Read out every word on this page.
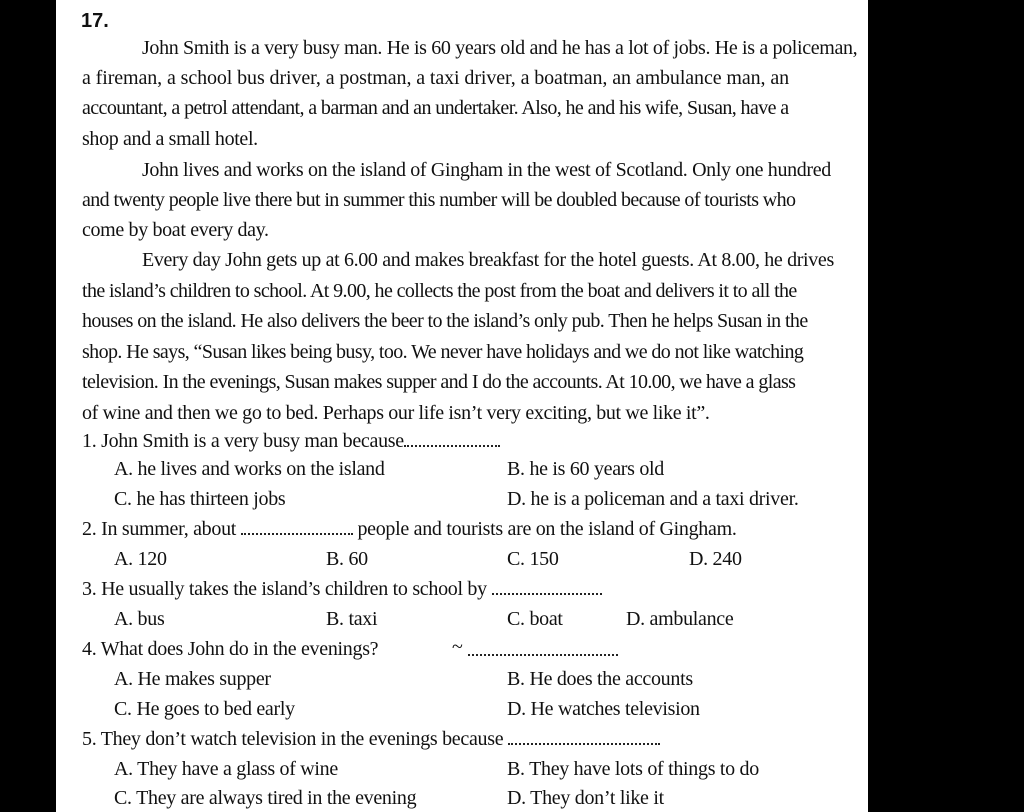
17.
John Smith is a very busy man. He is 60 years old and he has a lot of jobs. He is a policeman,
a fireman, a school bus driver, a postman, a taxi driver, a boatman, an ambulance man, an
accountant, a petrol attendant, a barman and an undertaker. Also, he and his wife, Susan, have a
shop and a small hotel.
John lives and works on the island of Gingham in the west of Scotland. Only one hundred
and twenty people live there but in summer this number will be doubled because of tourists who
come by boat every day.
Every day John gets up at 6.00 and makes breakfast for the hotel guests. At 8.00, he drives
the island’s children to school. At 9.00, he collects the post from the boat and delivers it to all the
houses on the island. He also delivers the beer to the island’s only pub. Then he helps Susan in the
shop. He says, “Susan likes being busy, too. We never have holidays and we do not like watching
television. In the evenings, Susan makes supper and I do the accounts. At 10.00, we have a glass
of wine and then we go to bed. Perhaps our life isn’t very exciting, but we like it”.
1. John Smith is a very busy man because
A. he lives and works on the island	B. he is 60 years old
C. he has thirteen jobs	D. he is a policeman and a taxi driver.
2. In summer, about	people and tourists are on the island of Gingham.
A. 120	B. 60	C. 150	D. 240
3. He usually takes the island’s children to school by
A. bus	B. taxi	C. boat	D. ambulance
4. What does John do in the evenings?	~
A. He makes supper	B. He does the accounts
C. He goes to bed early	D. He watches television
5. They don’t watch television in the evenings because
A. They have a glass of wine	B. They have lots of things to do
C. They are always tired in the evening	D. They don’t like it
